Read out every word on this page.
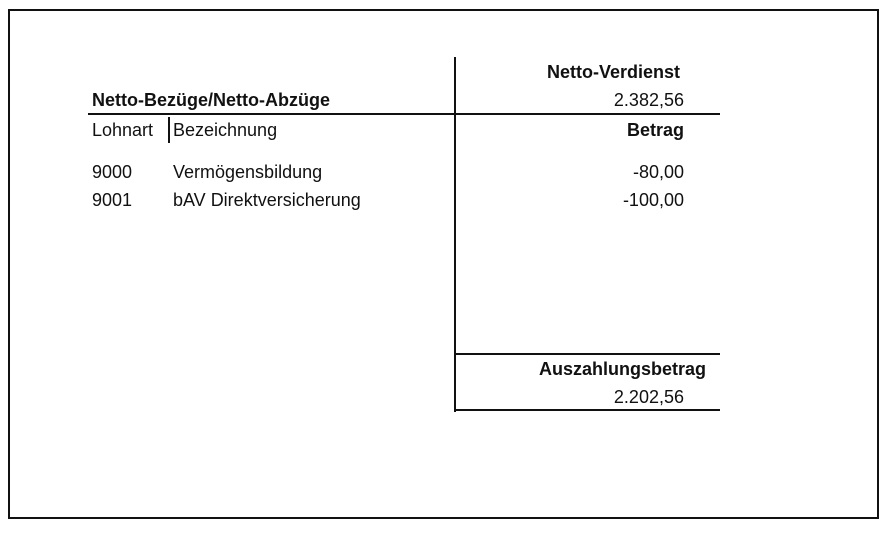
Netto-Verdienst
2.382,56
Netto-Bezüge/Netto-Abzüge
Lohnart Bezeichnung	Betrag
9000 Vermögensbildung	-80,00
9001 bAV Direktversicherung	-100,00
Auszahlungsbetrag
2.202,56
